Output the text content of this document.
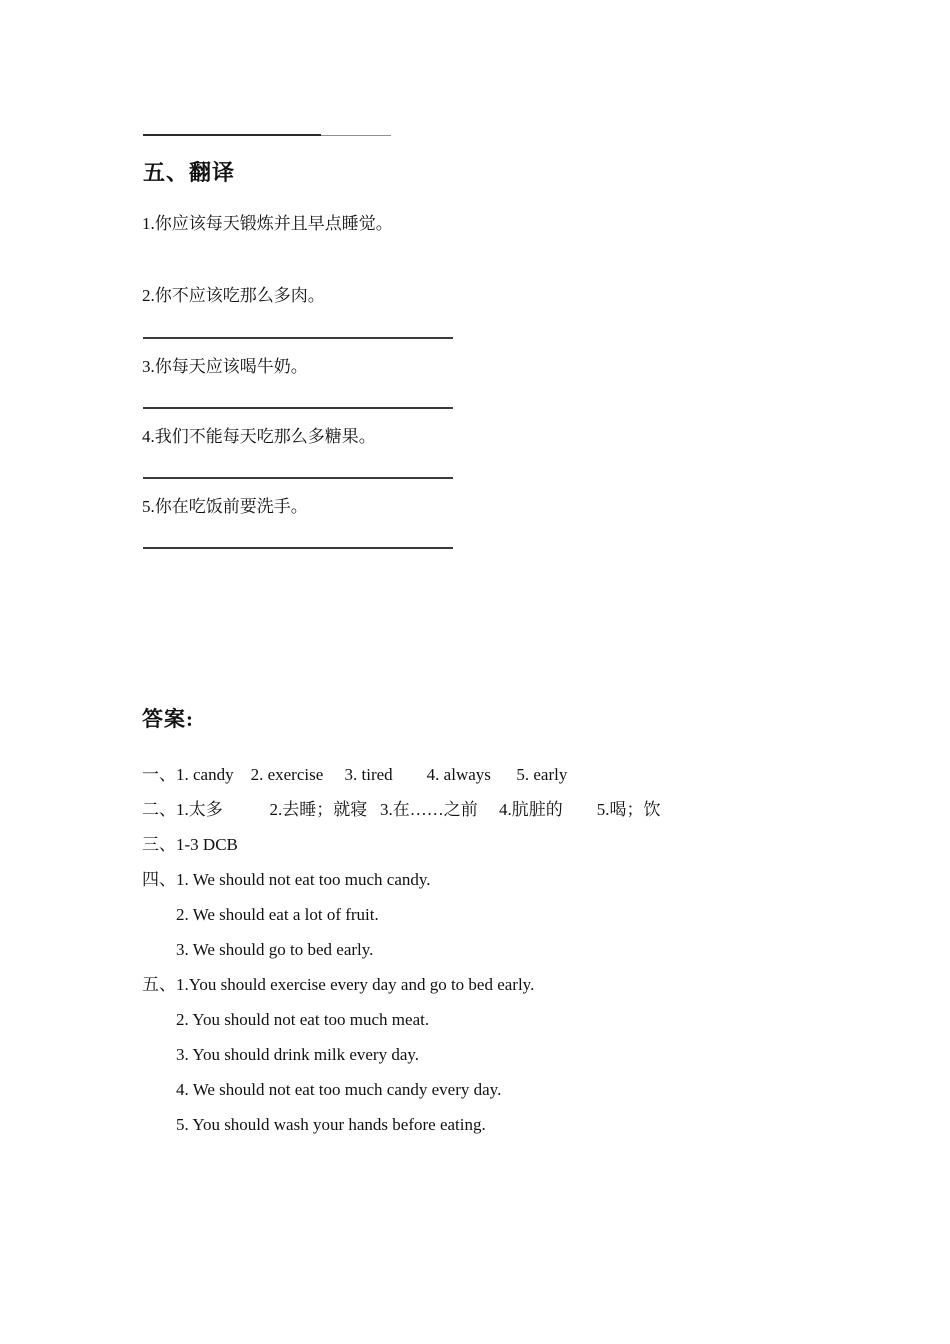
五、翻译

1.你应该每天锻炼并且早点睡觉。

2.你不应该吃那么多肉。

3.你每天应该喝牛奶。

4.我们不能每天吃那么多糖果。

5.你在吃饭前要洗手。

答案:
一、 1. candy    2. exercise     3. tired        4. always      5. early
二、 1.太多           2.去睡；就寝   3.在……之前     4.肮脏的        5.喝；饮
三、 1-3 DCB
四、 1. We should not eat too much candy.
2. We should eat a lot of fruit.
3. We should go to bed early.
五、 1.You should exercise every day and go to bed early.
2. You should not eat too much meat.
3. You should drink milk every day.
4. We should not eat too much candy every day.
5. You should wash your hands before eating.
